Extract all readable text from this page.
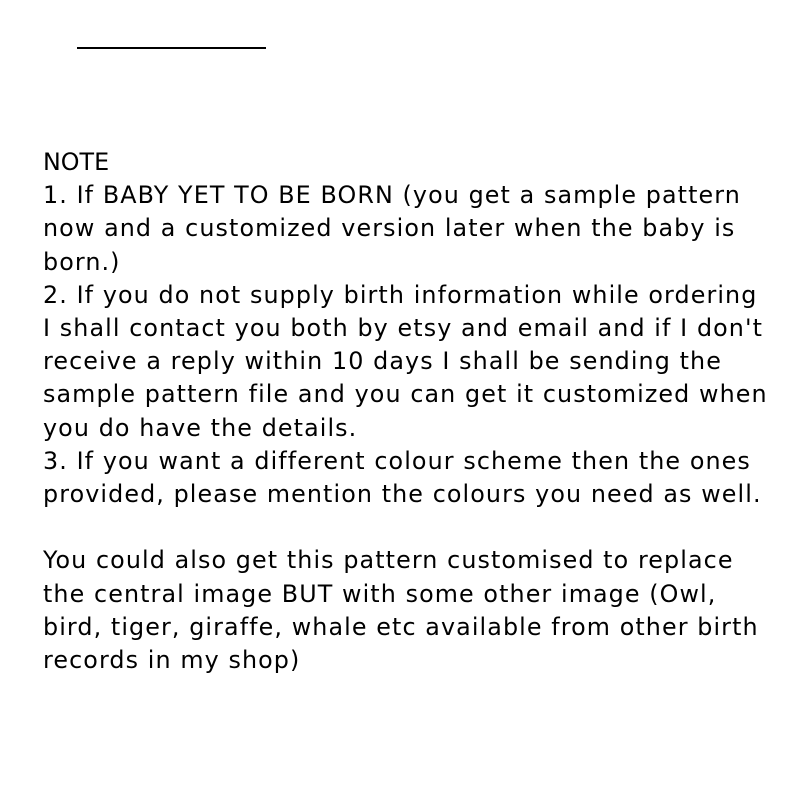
NOTE
1. If BABY YET TO BE BORN (you get a sample pattern
now and a customized version later when the baby is
born.)
2. If you do not supply birth information while ordering
I shall contact you both by etsy and email and if I don't
receive a reply within 10 days I shall be sending the
sample pattern file and you can get it customized when
you do have the details.
3. If you want a different colour scheme then the ones
provided, please mention the colours you need as well.
You could also get this pattern customised to replace
the central image BUT with some other image (Owl,
bird, tiger, giraffe, whale etc available from other birth
records in my shop)
